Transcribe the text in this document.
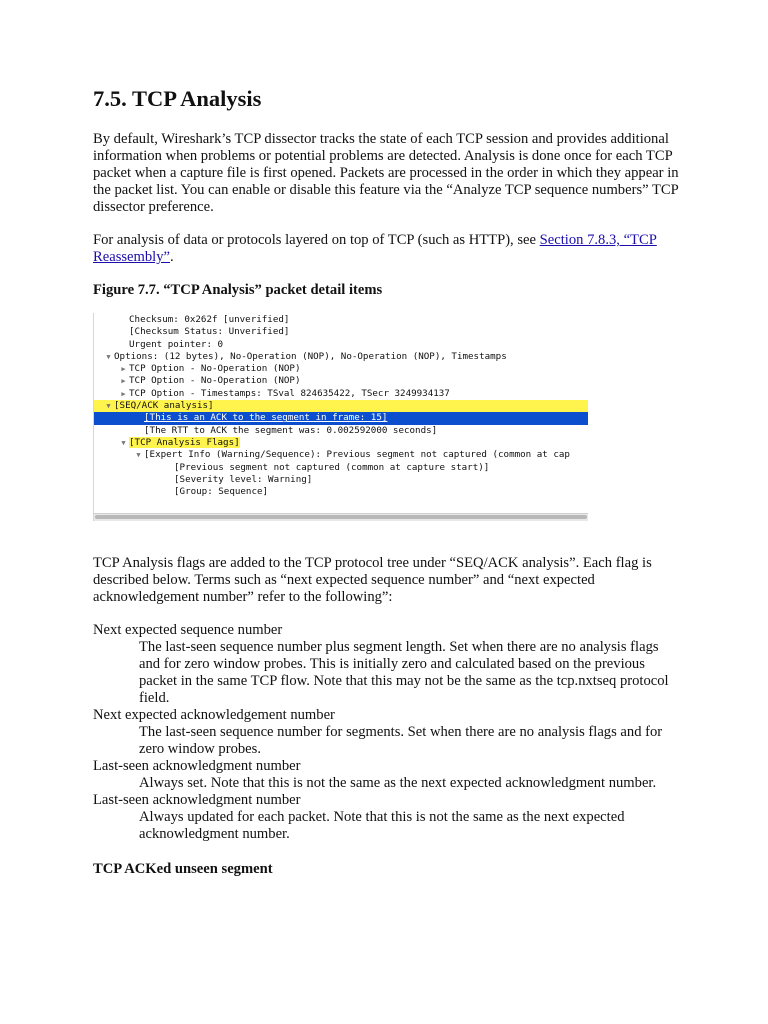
7.5. TCP Analysis

By default, Wireshark’s TCP dissector tracks the state of each TCP session and provides additional information when problems or potential problems are detected. Analysis is done once for each TCP packet when a capture file is first opened. Packets are processed in the order in which they appear in the packet list. You can enable or disable this feature via the “Analyze TCP sequence numbers” TCP dissector preference.

For analysis of data or protocols layered on top of TCP (such as HTTP), see Section 7.8.3, “TCP Reassembly”.

Figure 7.7. “TCP Analysis” packet detail items
Checksum: 0x262f [unverified]
[Checksum Status: Unverified]
Urgent pointer: 0
▼ Options: (12 bytes), No-Operation (NOP), No-Operation (NOP), Timestamps
▶ TCP Option - No-Operation (NOP)
▶ TCP Option - No-Operation (NOP)
▶ TCP Option - Timestamps: TSval 824635422, TSecr 3249934137
▼ [SEQ/ACK analysis]
[This is an ACK to the segment in frame: 15]
[The RTT to ACK the segment was: 0.002592000 seconds]
▼ [TCP Analysis Flags]
▼ [Expert Info (Warning/Sequence): Previous segment not captured (common at cap
[Previous segment not captured (common at capture start)]
[Severity level: Warning]
[Group: Sequence]

TCP Analysis flags are added to the TCP protocol tree under “SEQ/ACK analysis”. Each flag is described below. Terms such as “next expected sequence number” and “next expected acknowledgement number” refer to the following”:

Next expected sequence number
The last-seen sequence number plus segment length. Set when there are no analysis flags and for zero window probes. This is initially zero and calculated based on the previous packet in the same TCP flow. Note that this may not be the same as the tcp.nxtseq protocol field.
Next expected acknowledgement number
The last-seen sequence number for segments. Set when there are no analysis flags and for zero window probes.
Last-seen acknowledgment number
Always set. Note that this is not the same as the next expected acknowledgment number.
Last-seen acknowledgment number
Always updated for each packet. Note that this is not the same as the next expected acknowledgment number.
TCP ACKed unseen segment
